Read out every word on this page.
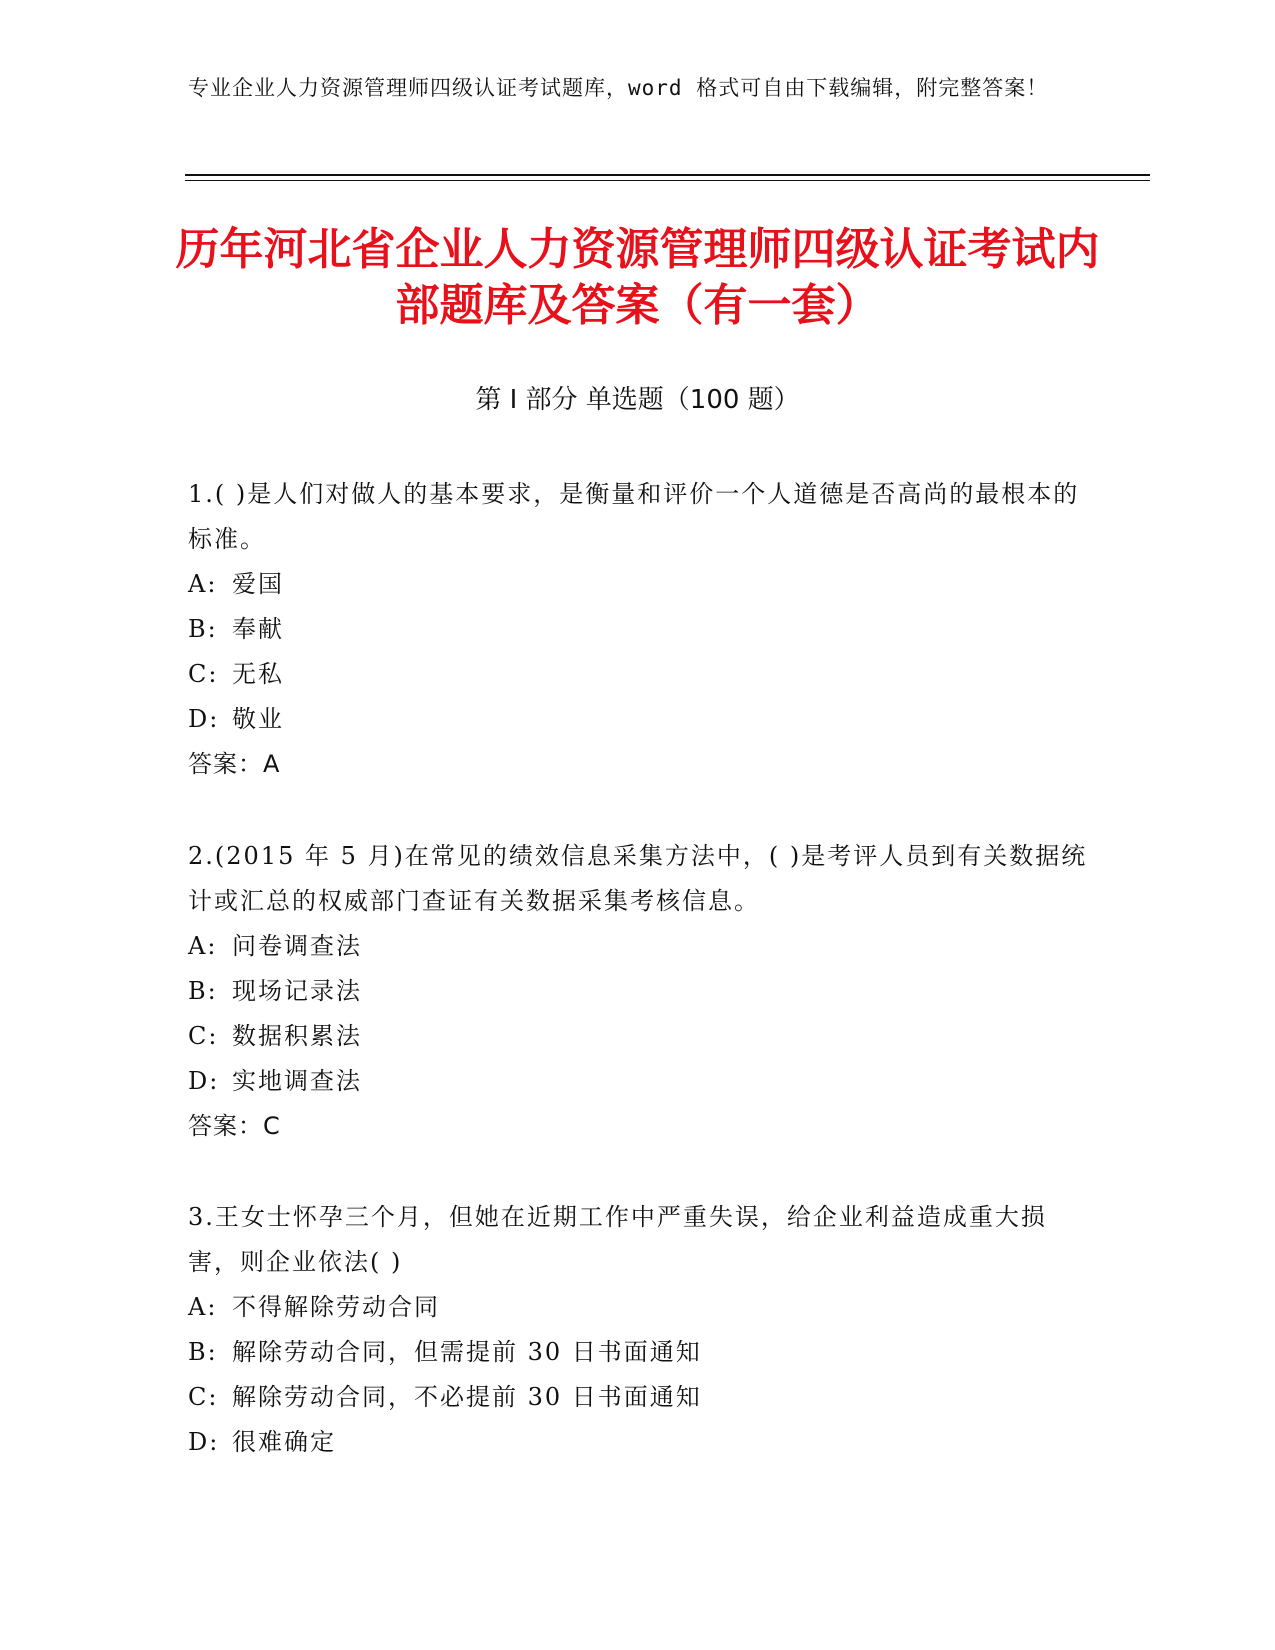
专业企业人力资源管理师四级认证考试题库，word 格式可自由下载编辑，附完整答案！
历年河北省企业人力资源管理师四级认证考试内部题库及答案（有一套）
第 I 部分 单选题（100 题）
1.( )是人们对做人的基本要求，是衡量和评价一个人道德是否高尚的最根本的标准。
A: 爱国
B: 奉献
C: 无私
D: 敬业
答案：A
2.(2015 年 5 月)在常见的绩效信息采集方法中，( )是考评人员到有关数据统计或汇总的权威部门查证有关数据采集考核信息。
A: 问卷调查法
B: 现场记录法
C: 数据积累法
D: 实地调查法
答案：C
3.王女士怀孕三个月，但她在近期工作中严重失误，给企业利益造成重大损害，则企业依法( )
A: 不得解除劳动合同
B: 解除劳动合同，但需提前 30 日书面通知
C: 解除劳动合同，不必提前 30 日书面通知
D: 很难确定
